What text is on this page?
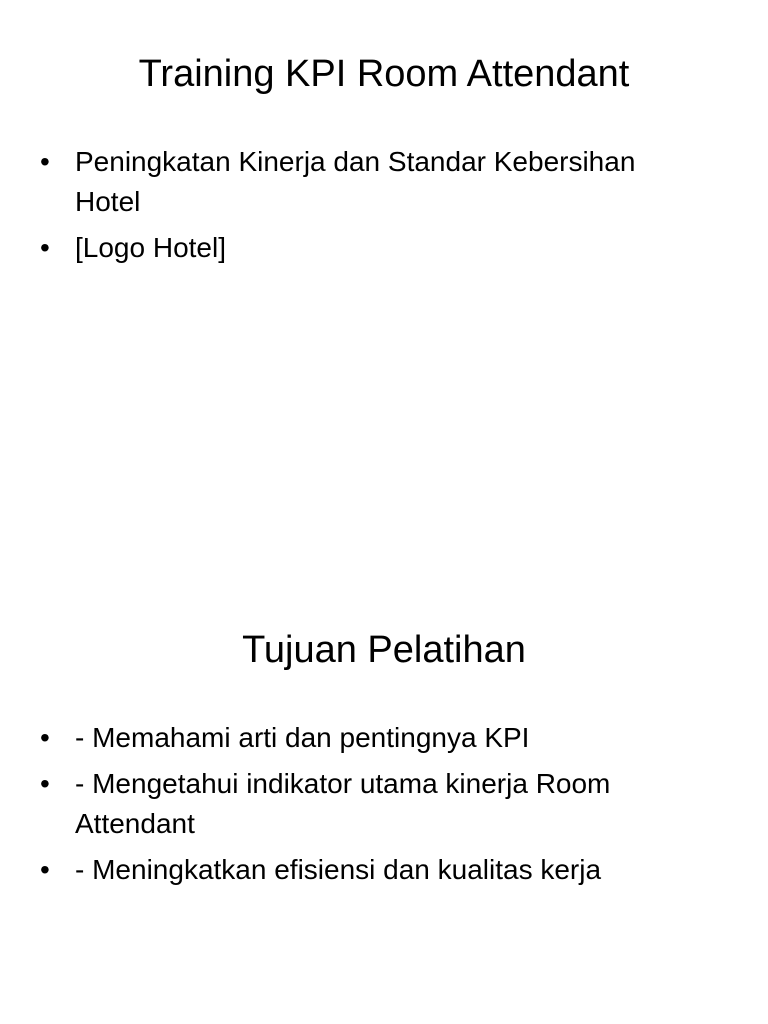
Training KPI Room Attendant
• Peningkatan Kinerja dan Standar Kebersihan Hotel
• [Logo Hotel]
Tujuan Pelatihan
• - Memahami arti dan pentingnya KPI
• - Mengetahui indikator utama kinerja Room Attendant
• - Meningkatkan efisiensi dan kualitas kerja
